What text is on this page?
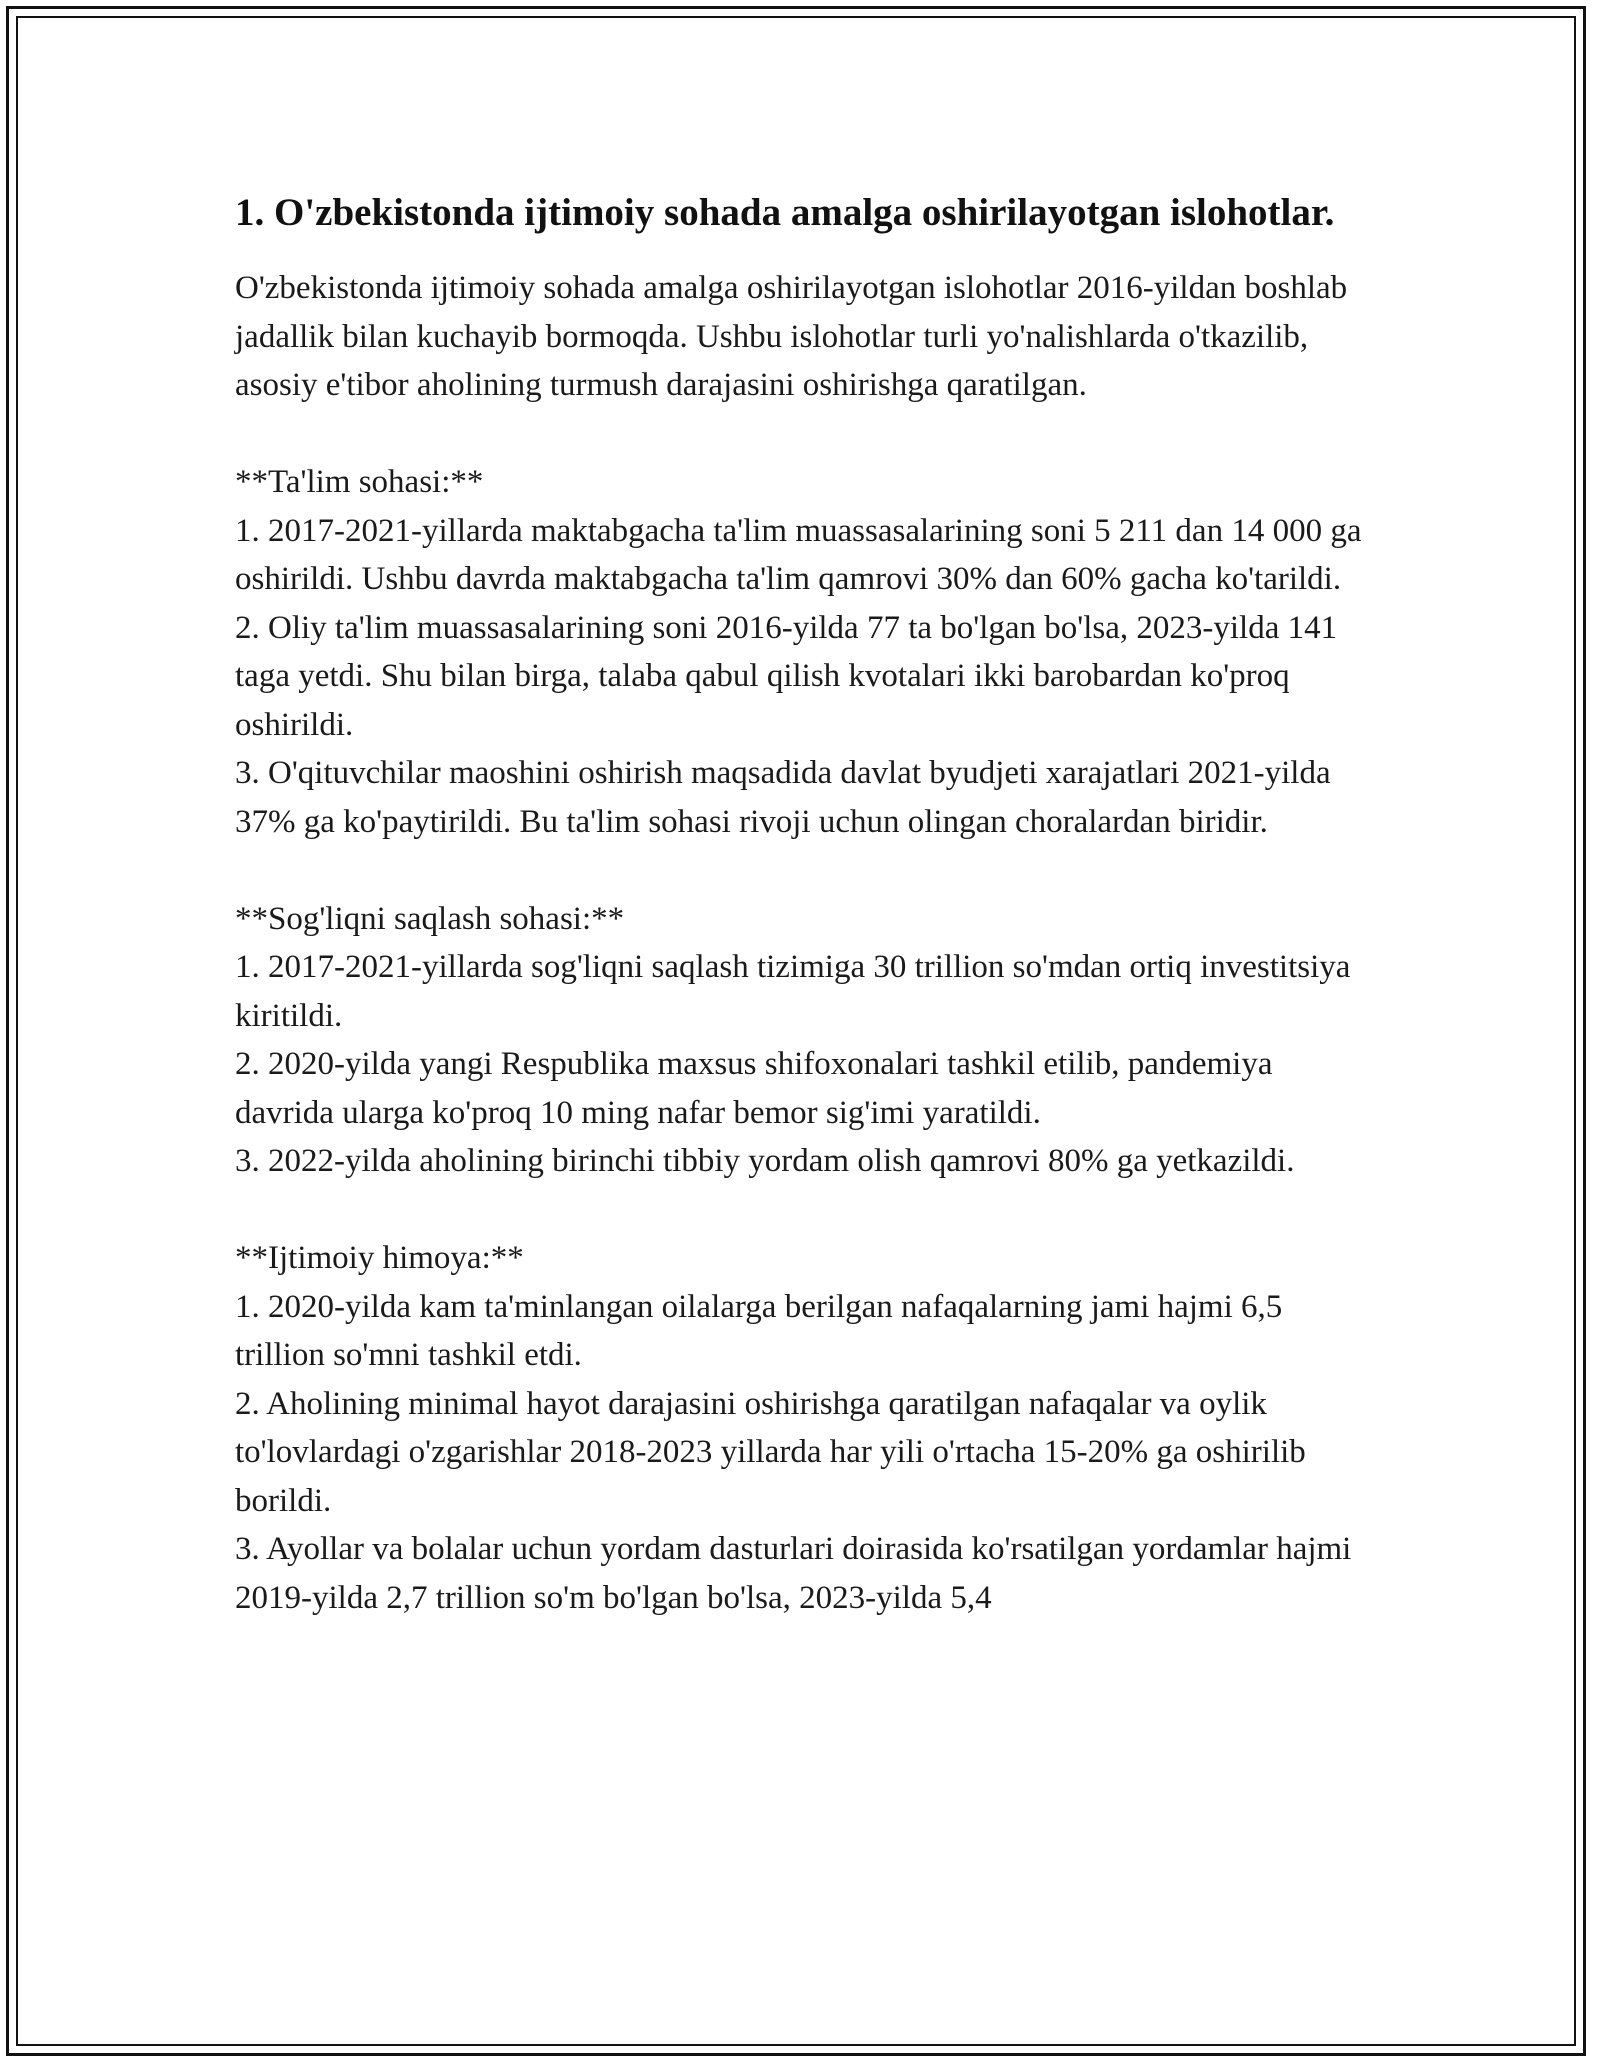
1. O'zbekistonda ijtimoiy sohada amalga oshirilayotgan islohotlar.

O'zbekistonda ijtimoiy sohada amalga oshirilayotgan islohotlar 2016-yildan boshlab jadallik bilan kuchayib bormoqda. Ushbu islohotlar turli yo'nalishlarda o'tkazilib, asosiy e'tibor aholining turmush darajasini oshirishga qaratilgan.

**Ta'lim sohasi:**

1. 2017-2021-yillarda maktabgacha ta'lim muassasalarining soni 5 211 dan 14 000 ga oshirildi. Ushbu davrda maktabgacha ta'lim qamrovi 30% dan 60% gacha ko'tarildi.

2. Oliy ta'lim muassasalarining soni 2016-yilda 77 ta bo'lgan bo'lsa, 2023-yilda 141 taga yetdi. Shu bilan birga, talaba qabul qilish kvotalari ikki barobardan ko'proq oshirildi.

3. O'qituvchilar maoshini oshirish maqsadida davlat byudjeti xarajatlari 2021-yilda 37% ga ko'paytirildi. Bu ta'lim sohasi rivoji uchun olingan choralardan biridir.

**Sog'liqni saqlash sohasi:**

1. 2017-2021-yillarda sog'liqni saqlash tizimiga 30 trillion so'mdan ortiq investitsiya kiritildi.

2. 2020-yilda yangi Respublika maxsus shifoxonalari tashkil etilib, pandemiya davrida ularga ko'proq 10 ming nafar bemor sig'imi yaratildi.

3. 2022-yilda aholining birinchi tibbiy yordam olish qamrovi 80% ga yetkazildi.

**Ijtimoiy himoya:**

1. 2020-yilda kam ta'minlangan oilalarga berilgan nafaqalarning jami hajmi 6,5 trillion so'mni tashkil etdi.

2. Aholining minimal hayot darajasini oshirishga qaratilgan nafaqalar va oylik to'lovlardagi o'zgarishlar 2018-2023 yillarda har yili o'rtacha 15-20% ga oshirilib borildi.

3. Ayollar va bolalar uchun yordam dasturlari doirasida ko'rsatilgan yordamlar hajmi 2019-yilda 2,7 trillion so'm bo'lgan bo'lsa, 2023-yilda 5,4
